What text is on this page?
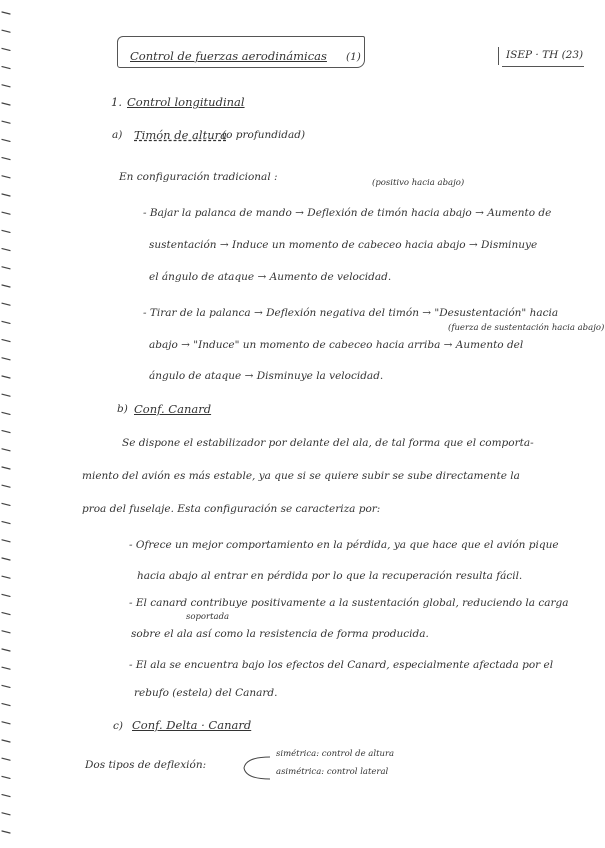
Control de fuerzas aerodinámicas (1)	ISEP · TH (23)
1. Control longitudinal
a) Timón de altura
(o profundidad)
(positivo hacia abajo)
En configuración tradicional :
- Bajar la palanca de mando → Deflexión de timón hacia abajo → Aumento de
sustentación → Induce un momento de cabeceo hacia abajo → Disminuye
el ángulo de ataque → Aumento de velocidad.
- Tirar de la palanca → Deflexión negativa del timón → "Desustentación" hacia
(fuerza de sustentación hacia abajo)
abajo → "Induce" un momento de cabeceo hacia arriba → Aumento del
ángulo de ataque → Disminuye la velocidad.
b) Conf. Canard
Se dispone el estabilizador por delante del ala, de tal forma que el comporta-
miento del avión es más estable, ya que si se quiere subir se sube directamente la
proa del fuselaje. Esta configuración se caracteriza por:
- Ofrece un mejor comportamiento en la pérdida, ya que hace que el avión pique
hacia abajo al entrar en pérdida por lo que la recuperación resulta fácil.
- El canard contribuye positivamente a la sustentación global, reduciendo la carga
soportada
sobre el ala así como la resistencia de forma producida.
- El ala se encuentra bajo los efectos del Canard, especialmente afectada por el
rebufo (estela) del Canard.
c) Conf. Delta · Canard
Dos tipos de deflexión:
simétrica: control de altura
asimétrica: control lateral
